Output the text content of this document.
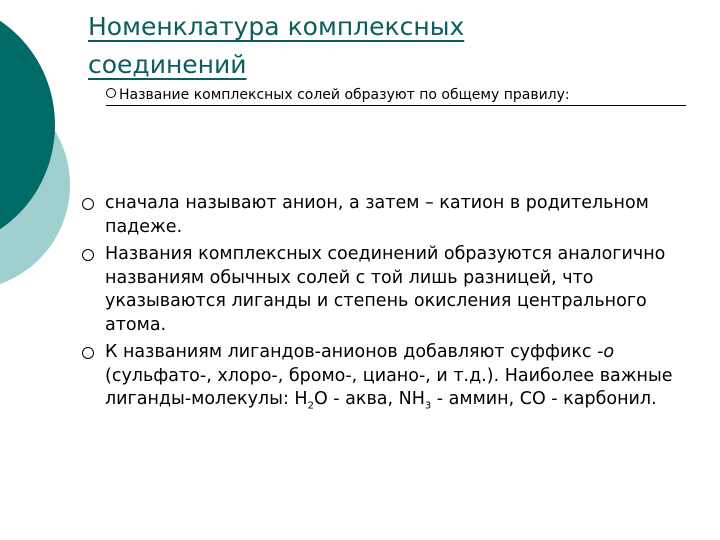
Номенклатура комплексных
соединений
Название комплексных солей образуют по общему правилу:
сначала называют анион, а затем – катион в родительном падеже.
Названия комплексных соединений образуются аналогично названиям обычных солей с той лишь разницей, что указываются лиганды и степень окисления центрального атома.
К названиям лигандов-анионов добавляют суффикс -о (сульфато-, хлоро-, бромо-, циано-, и т.д.). Наиболее важные лиганды-молекулы: $H_2O$ - аква, $NH_3$ - аммин, CO - карбонил.
